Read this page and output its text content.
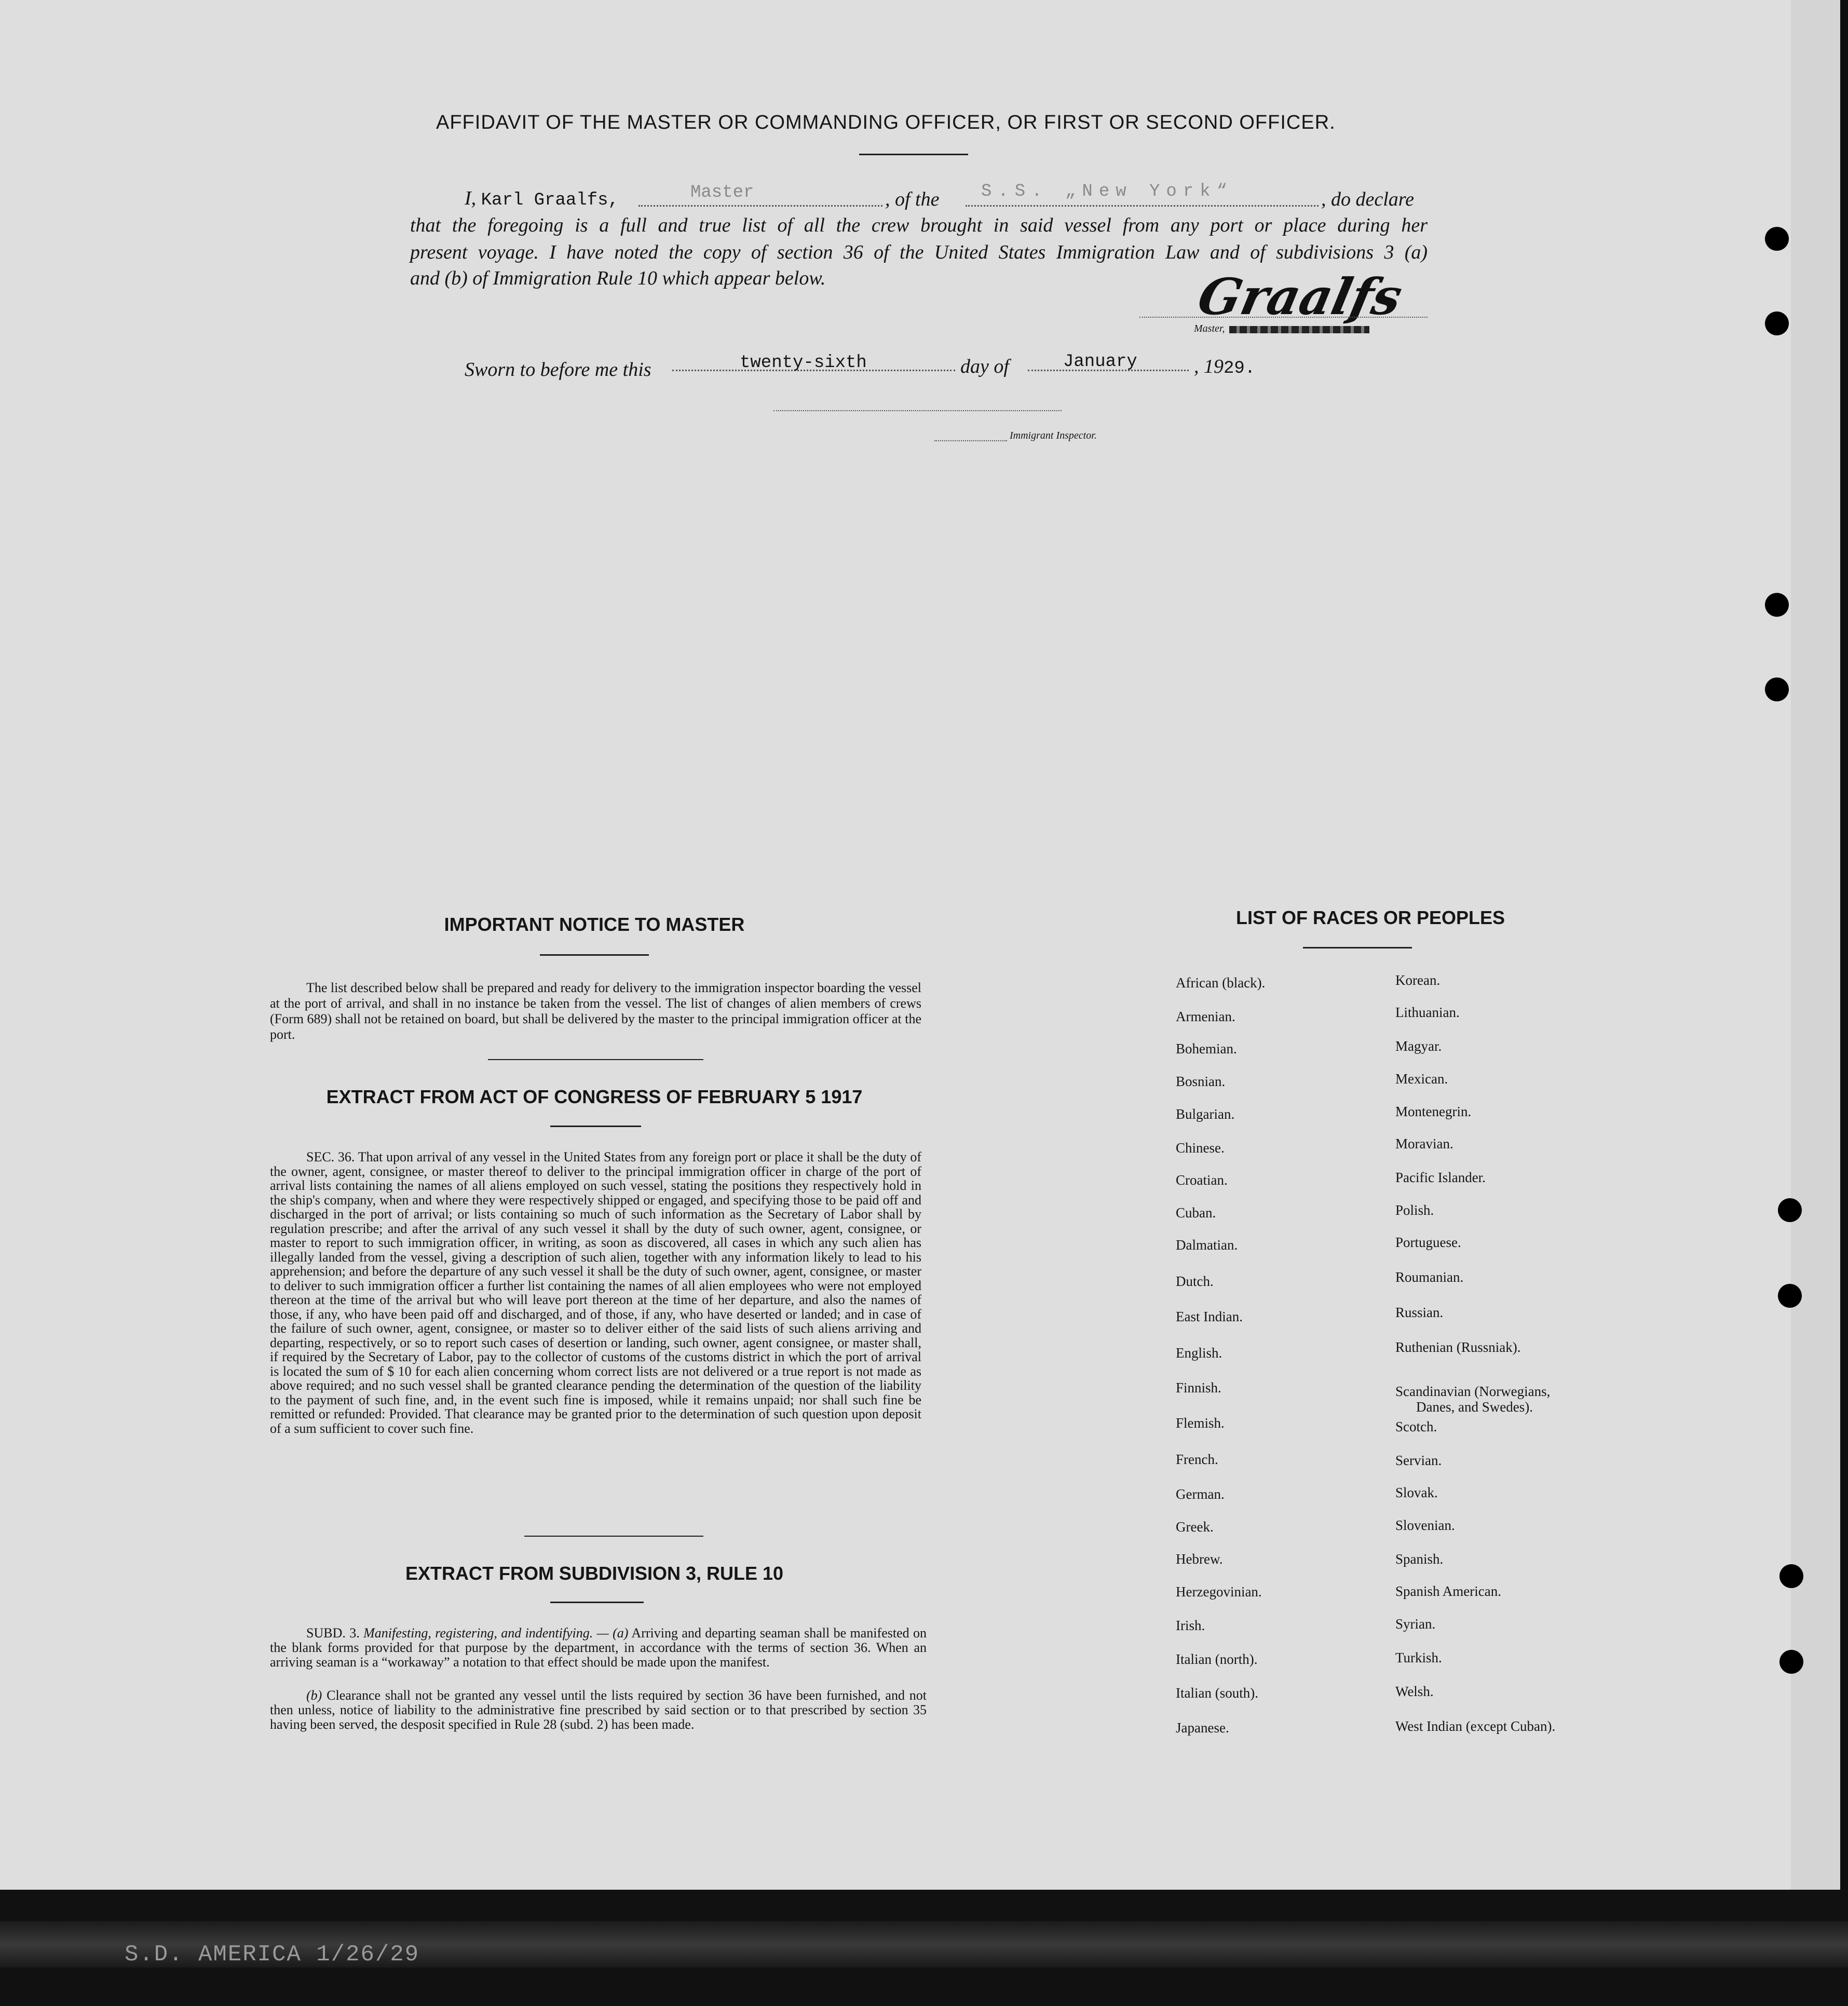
AFFIDAVIT OF THE MASTER OR COMMANDING OFFICER, OR FIRST OR SECOND OFFICER.
I, Karl Graalfs,	Master	, of the S.S. „New York“	, do declare
that the foregoing is a full and true list of all the crew brought in said vessel from any port or place during her
present voyage. I have noted the copy of section 36 of the United States Immigration Law and of subdivisions 3 (a)
and (b) of Immigration Rule 10 which appear below.	Graalfs
Master,
Sworn to before me this	twenty-sixth	day of	January	, 1929.
Immigrant Inspector.
IMPORTANT NOTICE TO MASTER
The list described below shall be prepared and ready for delivery to the immigration inspector boarding the vessel at the port of arrival, and shall in no instance be taken from the vessel. The list of changes of alien members of crews (Form 689) shall not be retained on board, but shall be delivered by the master to the principal immigration officer at the port.
EXTRACT FROM ACT OF CONGRESS OF FEBRUARY 5 1917
SEC. 36. That upon arrival of any vessel in the United States from any foreign port or place it shall be the duty of the owner, agent, consignee, or master thereof to deliver to the principal immigration officer in charge of the port of arrival lists containing the names of all aliens employed on such vessel, stating the positions they respectively hold in the ship's company, when and where they were respectively shipped or engaged, and specifying those to be paid off and discharged in the port of arrival; or lists containing so much of such information as the Secretary of Labor shall by regulation prescribe; and after the arrival of any such vessel it shall by the duty of such owner, agent, consignee, or master to report to such immigration officer, in writing, as soon as discovered, all cases in which any such alien has illegally landed from the vessel, giving a description of such alien, together with any information likely to lead to his apprehension; and before the departure of any such vessel it shall be the duty of such owner, agent, consignee, or master to deliver to such immigration officer a further list containing the names of all alien employees who were not employed thereon at the time of the arrival but who will leave port thereon at the time of her departure, and also the names of those, if any, who have been paid off and discharged, and of those, if any, who have deserted or landed; and in case of the failure of such owner, agent, consignee, or master so to deliver either of the said lists of such aliens arriving and departing, respectively, or so to report such cases of desertion or landing, such owner, agent consignee, or master shall, if required by the Secretary of Labor, pay to the collector of customs of the customs district in which the port of arrival is located the sum of $ 10 for each alien concerning whom correct lists are not delivered or a true report is not made as above required; and no such vessel shall be granted clearance pending the determination of the question of the liability to the payment of such fine, and, in the event such fine is imposed, while it remains unpaid; nor shall such fine be remitted or refunded: Provided. That clearance may be granted prior to the determination of such question upon deposit of a sum sufficient to cover such fine.
EXTRACT FROM SUBDIVISION 3, RULE 10
SUBD. 3. Manifesting, registering, and indentifying. — (a) Arriving and departing seaman shall be manifested on the blank forms provided for that purpose by the department, in accordance with the terms of section 36. When an arriving seaman is a “workaway” a notation to that effect should be made upon the manifest.
(b) Clearance shall not be granted any vessel until the lists required by section 36 have been furnished, and not then unless, notice of liability to the administrative fine prescribed by said section or to that prescribed by section 35 having been served, the desposit specified in Rule 28 (subd. 2) has been made.
LIST OF RACES OR PEOPLES
African (black).
Armenian.
Bohemian.
Bosnian.
Bulgarian.
Chinese.
Croatian.
Cuban.
Dalmatian.
Dutch.
East Indian.
English.
Finnish.
Flemish.
French.
German.
Greek.
Hebrew.
Herzegovinian.
Irish.
Italian (north).
Italian (south).
Japanese.
Korean.
Lithuanian.
Magyar.
Mexican.
Montenegrin.
Moravian.
Pacific Islander.
Polish.
Portuguese.
Roumanian.
Russian.
Ruthenian (Russniak).
Scandinavian (Norwegians,
Scotch.
Servian.
Slovak.
Slovenian.
Spanish.
Spanish American.
Syrian.
Turkish.
Welsh.
West Indian (except Cuban).
Danes, and Swedes).
S.D. AMERICA 1/26/29
